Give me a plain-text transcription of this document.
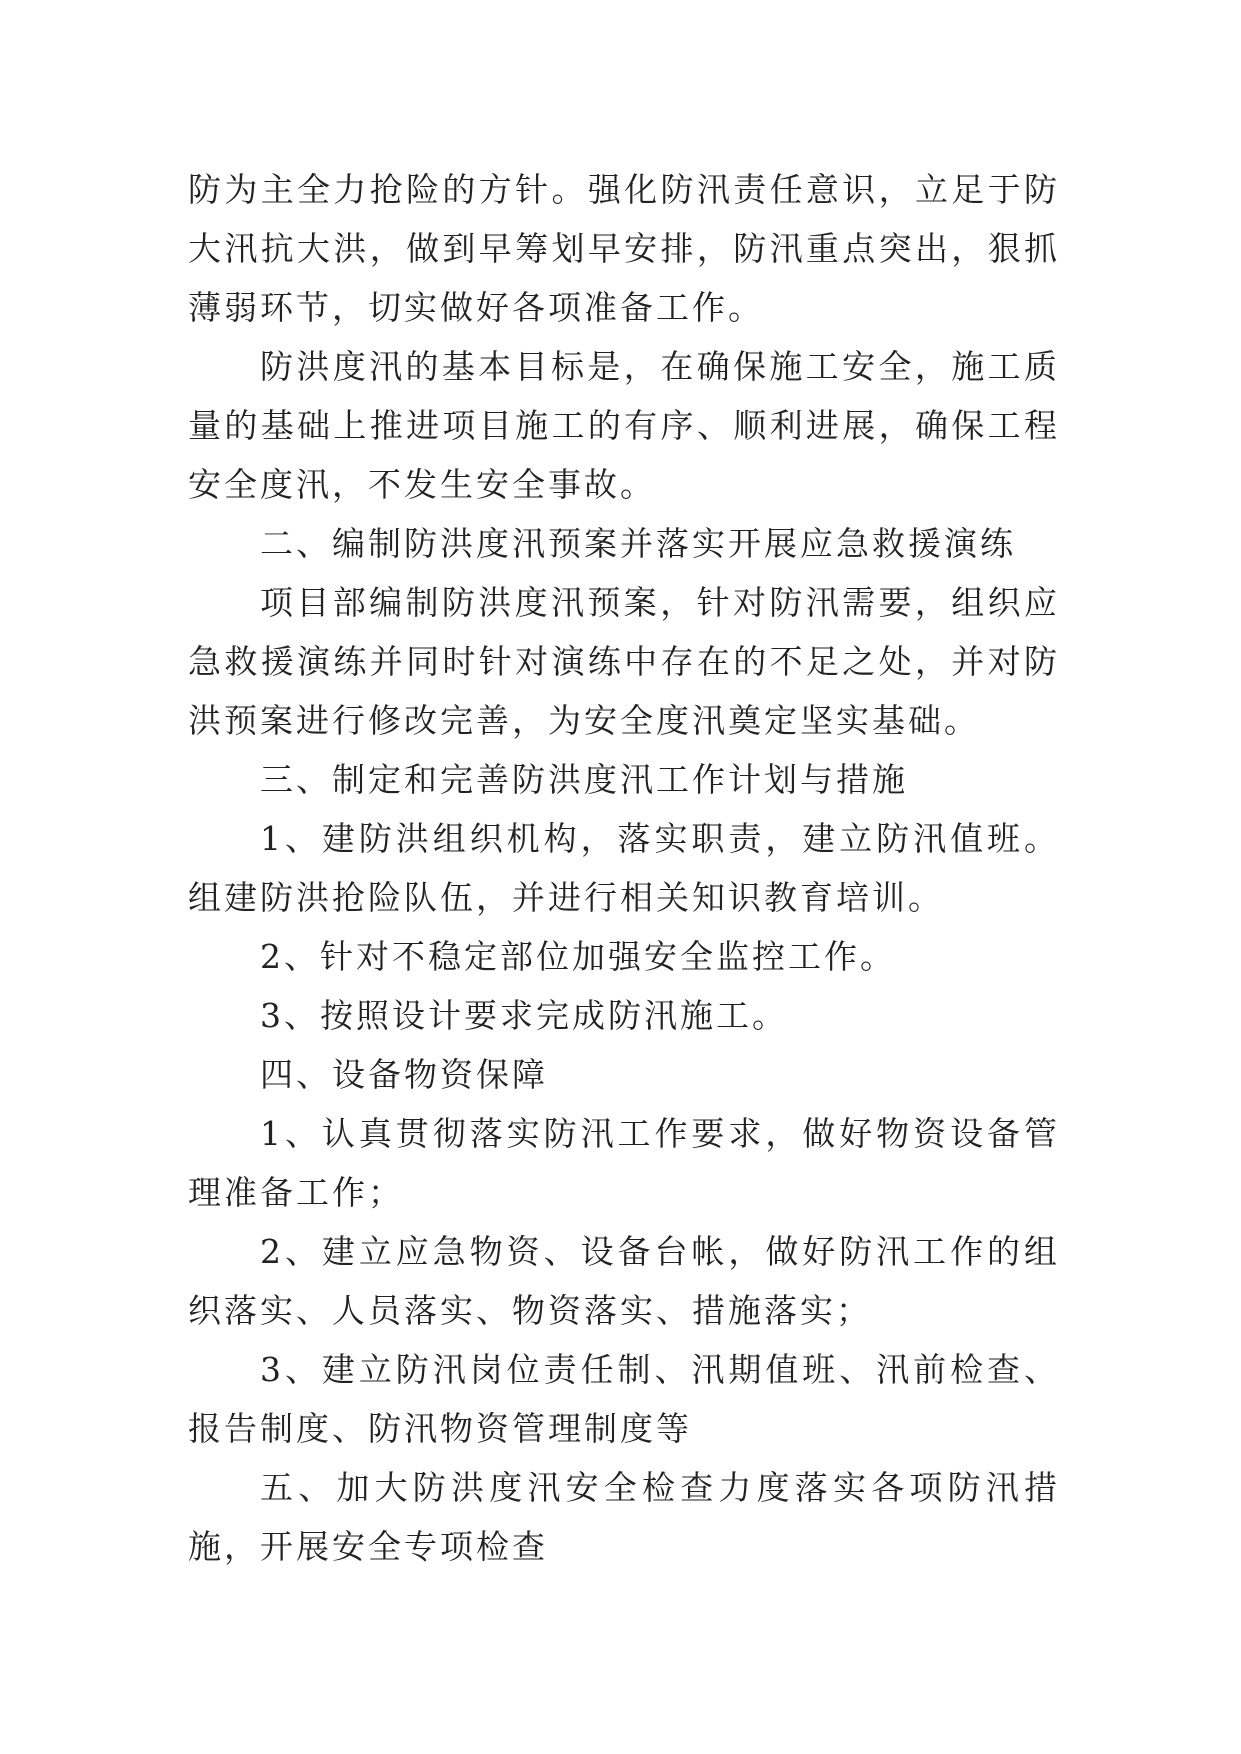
防为主全力抢险的方针。强化防汛责任意识，立足于防大汛抗大洪，做到早筹划早安排，防汛重点突出，狠抓薄弱环节，切实做好各项准备工作。

防洪度汛的基本目标是，在确保施工安全，施工质量的基础上推进项目施工的有序、顺利进展，确保工程安全度汛，不发生安全事故。

二、编制防洪度汛预案并落实开展应急救援演练

项目部编制防洪度汛预案，针对防汛需要，组织应急救援演练并同时针对演练中存在的不足之处，并对防洪预案进行修改完善，为安全度汛奠定坚实基础。

三、制定和完善防洪度汛工作计划与措施

1、建防洪组织机构，落实职责，建立防汛值班。组建防洪抢险队伍，并进行相关知识教育培训。

2、针对不稳定部位加强安全监控工作。

3、按照设计要求完成防汛施工。

四、设备物资保障

1、认真贯彻落实防汛工作要求，做好物资设备管理准备工作；

2、建立应急物资、设备台帐，做好防汛工作的组织落实、人员落实、物资落实、措施落实；

3、建立防汛岗位责任制、汛期值班、汛前检查、报告制度、防汛物资管理制度等

五、加大防洪度汛安全检查力度落实各项防汛措施，开展安全专项检查
